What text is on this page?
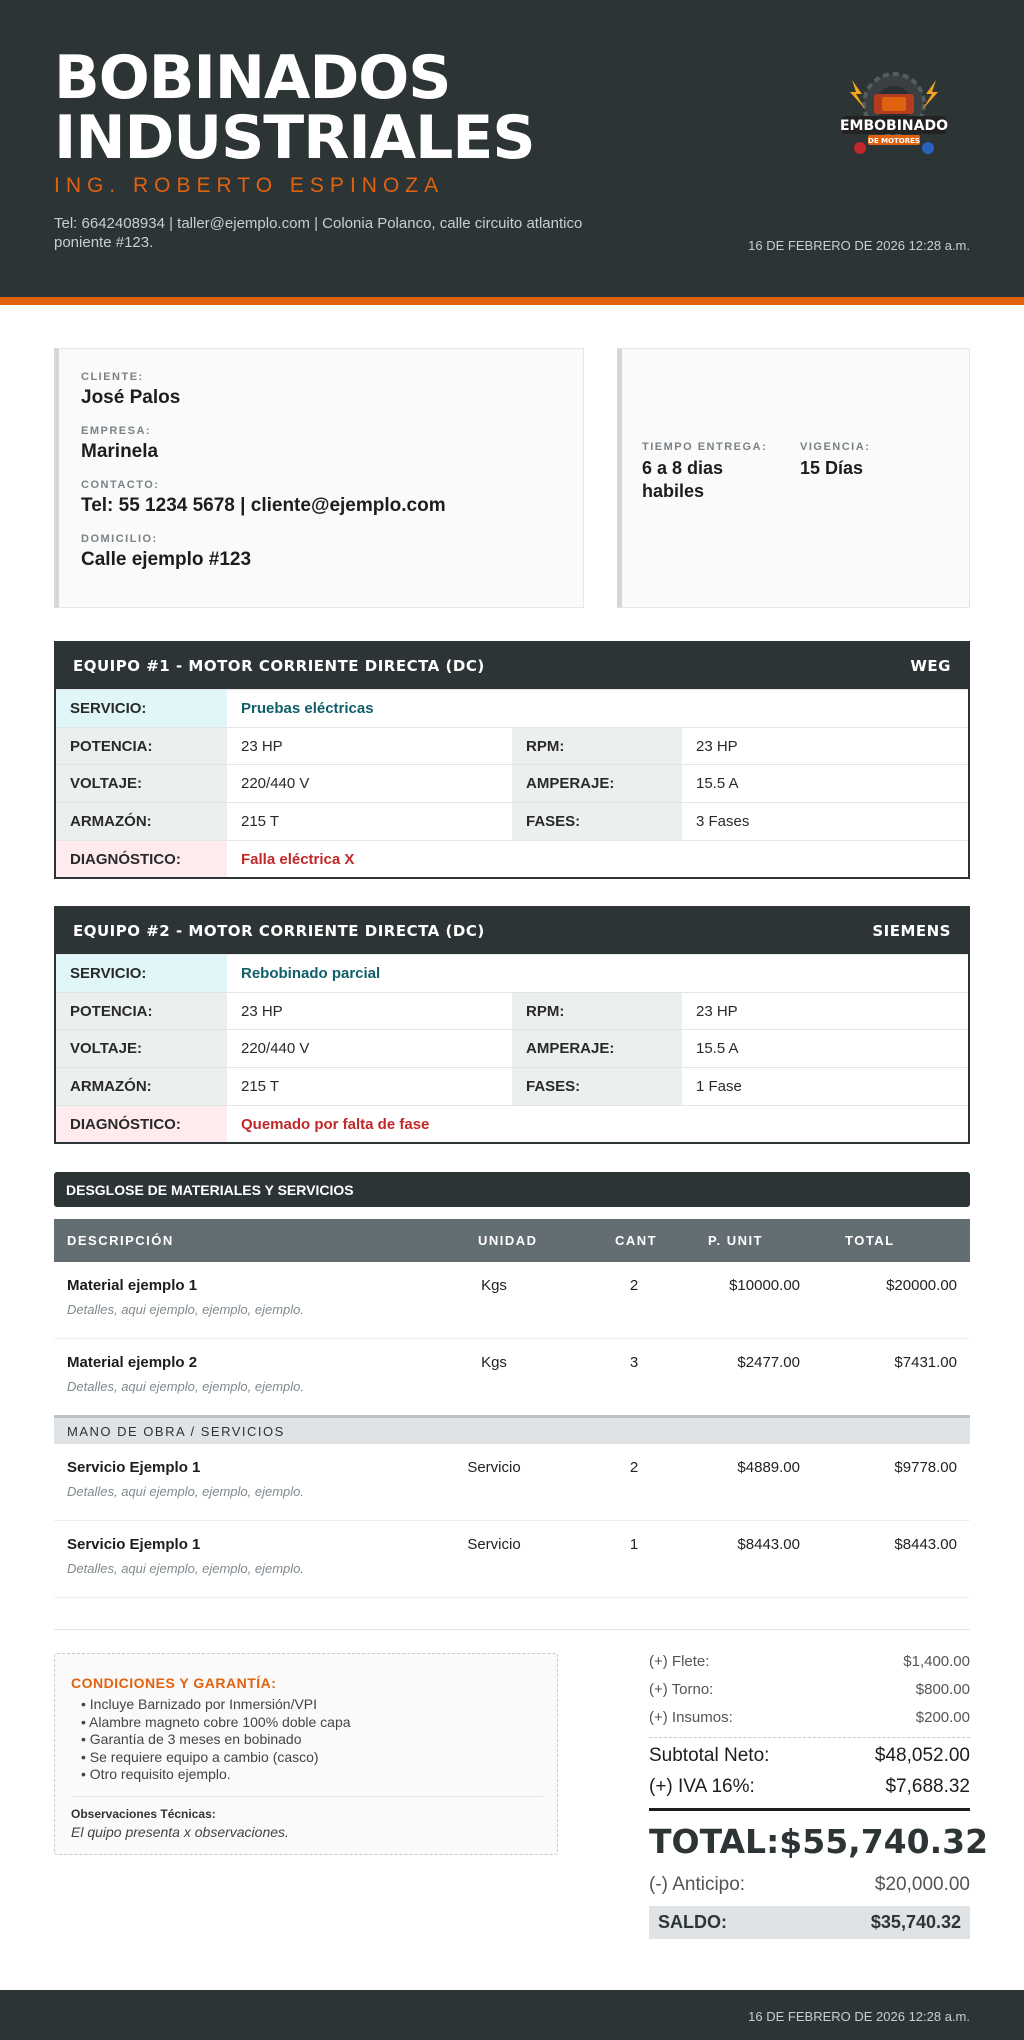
BOBINADOS INDUSTRIALES
ING. ROBERTO ESPINOZA
Tel: 6642408934 | taller@ejemplo.com | Colonia Polanco, calle circuito atlantico poniente #123.	16 DE FEBRERO DE 2026 12:28 a.m.
EMBOBINADO
DE MOTORES
CLIENTE:
José Palos
EMPRESA:
Marinela
CONTACTO:
Tel: 55 1234 5678 | cliente@ejemplo.com
DOMICILIO:
Calle ejemplo #123
TIEMPO ENTREGA:
6 a 8 dias habiles
VIGENCIA:
15 Días
EQUIPO #1 - MOTOR CORRIENTE DIRECTA (DC)	WEG
SERVICIO:	Pruebas eléctricas
POTENCIA:	23 HP	RPM:	23 HP
VOLTAJE:	220/440 V	AMPERAJE:	15.5 A
ARMAZÓN:	215 T	FASES:	3 Fases
DIAGNÓSTICO:	Falla eléctrica X
EQUIPO #2 - MOTOR CORRIENTE DIRECTA (DC)	SIEMENS
SERVICIO:	Rebobinado parcial
POTENCIA:	23 HP	RPM:	23 HP
VOLTAJE:	220/440 V	AMPERAJE:	15.5 A
ARMAZÓN:	215 T	FASES:	1 Fase
DIAGNÓSTICO:	Quemado por falta de fase
DESGLOSE DE MATERIALES Y SERVICIOS
DESCRIPCIÓN	UNIDAD	CANT	P. UNIT	TOTAL
Material ejemplo 1
Detalles, aqui ejemplo, ejemplo, ejemplo.
Kgs	2	$10000.00	$20000.00
Material ejemplo 2
Detalles, aqui ejemplo, ejemplo, ejemplo.
Kgs	3	$2477.00	$7431.00
MANO DE OBRA / SERVICIOS
Servicio Ejemplo 1
Detalles, aqui ejemplo, ejemplo, ejemplo.
Servicio	2	$4889.00	$9778.00
Servicio Ejemplo 1
Detalles, aqui ejemplo, ejemplo, ejemplo.
Servicio	1	$8443.00	$8443.00
CONDICIONES Y GARANTÍA:
• Incluye Barnizado por Inmersión/VPI
• Alambre magneto cobre 100% doble capa
• Garantía de 3 meses en bobinado
• Se requiere equipo a cambio (casco)
• Otro requisito ejemplo.
Observaciones Técnicas:
El quipo presenta x observaciones.
(+) Flete:	$1,400.00
(+) Torno:	$800.00
(+) Insumos:	$200.00
Subtotal Neto:	$48,052.00
(+) IVA 16%:	$7,688.32
TOTAL: $55,740.32
(-) Anticipo:	$20,000.00
SALDO:	$35,740.32
16 DE FEBRERO DE 2026 12:28 a.m.
